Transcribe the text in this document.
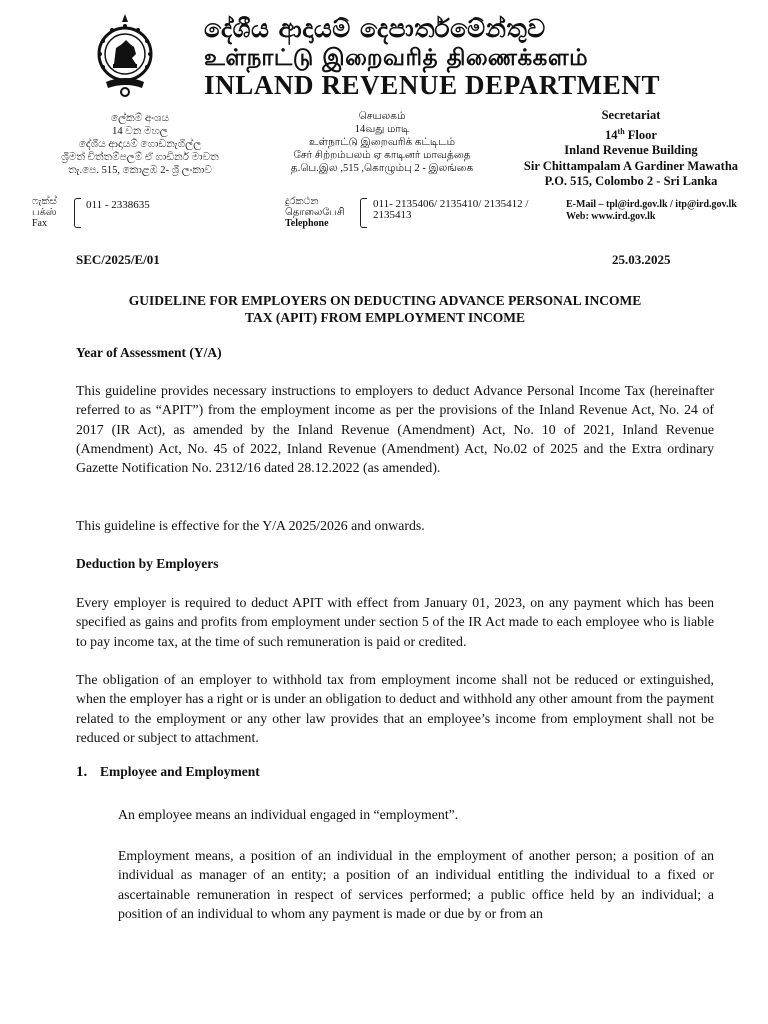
දේශීය ආදායම් දෙපාර්තමේන්තුව
உள்நாட்டு இறைவரித் திணைக்களம்
INLAND REVENUE DEPARTMENT
ලේකම් අංශය
14 වන මහල
දේශීය ආදායම් ගොඩනැගිල්ල
ශ්‍රීමත් චිත්තම්පලම් ඒ ගාඩිනර් මාවත
තැ.පෙ. 515, කොළඹ 2- ශ්‍රී ලංකාව
செயலகம்
14வது மாடி
உள்நாட்டு இறைவரிக் கட்டிடம்
சேர் சிற்றம்பலம் ஏ காடினர் மாவத்தை
த.பெ.இல ,515 ,கொழும்பு 2 - இலங்கை
Secretariat
14th Floor
Inland Revenue Building
Sir Chittampalam A Gardiner Mawatha
P.O. 515, Colombo 2 - Sri Lanka
ෆැක්ස්
பக்ஸ்
Fax
011 - 2338635	දුරකථන
தொலைபேசி
Telephone
011- 2135406/ 2135410/ 2135412 / 2135413
E-Mail – tpl@ird.gov.lk / itp@ird.gov.lk
Web: www.ird.gov.lk
SEC/2025/E/01	25.03.2025
GUIDELINE FOR EMPLOYERS ON DEDUCTING ADVANCE PERSONAL INCOME
TAX (APIT) FROM EMPLOYMENT INCOME
Year of Assessment (Y/A)

This guideline provides necessary instructions to employers to deduct Advance Personal Income Tax (hereinafter referred to as “APIT”) from the employment income as per the provisions of the Inland Revenue Act, No. 24 of 2017 (IR Act), as amended by the Inland Revenue (Amendment) Act, No. 10 of 2021, Inland Revenue (Amendment) Act, No. 45 of 2022, Inland Revenue (Amendment) Act, No.02 of 2025 and the Extra ordinary Gazette Notification No. 2312/16 dated 28.12.2022 (as amended).

This guideline is effective for the Y/A 2025/2026 and onwards.

Deduction by Employers

Every employer is required to deduct APIT with effect from January 01, 2023, on any payment which has been specified as gains and profits from employment under section 5 of the IR Act made to each employee who is liable to pay income tax, at the time of such remuneration is paid or credited.

The obligation of an employer to withhold tax from employment income shall not be reduced or extinguished, when the employer has a right or is under an obligation to deduct and withhold any other amount from the payment related to the employment or any other law provides that an employee’s income from employment shall not be reduced or subject to attachment.

1. Employee and Employment

An employee means an individual engaged in “employment”.

Employment means, a position of an individual in the employment of another person; a position of an individual as manager of an entity; a position of an individual entitling the individual to a fixed or ascertainable remuneration in respect of services performed; a public office held by an individual; a position of an individual to whom any payment is made or due by or from an
